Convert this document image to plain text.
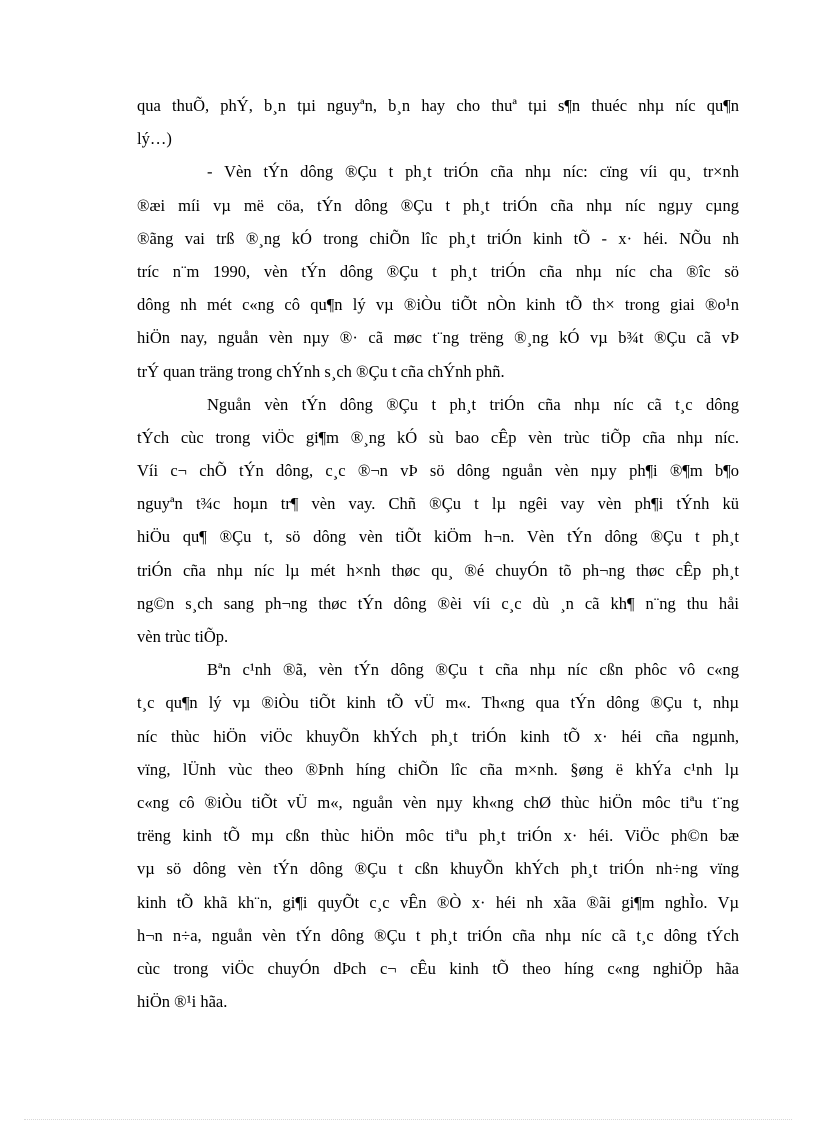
qua thuÕ, phÝ, b¸n tµi nguyªn, b¸n hay cho thuª tµi s¶n thuéc nhµ níc qu¶n
lý…)
- Vèn tÝn dông ®Çu t ph¸t triÓn cña nhµ níc: cïng víi qu¸ tr×nh
®æi míi vµ më cöa, tÝn dông ®Çu t ph¸t triÓn cña nhµ níc ngµy cµng
®ãng vai trß ®¸ng kÓ trong chiÕn lîc ph¸t triÓn kinh tÕ - x· héi. NÕu nh
tríc n¨m 1990, vèn tÝn dông ®Çu t ph¸t triÓn cña nhµ níc cha ®îc sö
dông nh mét c«ng cô qu¶n lý vµ ®iÒu tiÕt nÒn kinh tÕ th× trong giai ®o¹n
hiÖn nay, nguån vèn nµy ®· cã møc t¨ng trëng ®¸ng kÓ vµ b¾t ®Çu cã vÞ
trÝ quan träng trong chÝnh s¸ch ®Çu t cña chÝnh phñ.
Nguån vèn tÝn dông ®Çu t ph¸t triÓn cña nhµ níc cã t¸c dông
tÝch cùc trong viÖc gi¶m ®¸ng kÓ sù bao cÊp vèn trùc tiÕp cña nhµ níc.
Víi c¬ chÕ tÝn dông, c¸c ®¬n vÞ sö dông nguån vèn nµy ph¶i ®¶m b¶o
nguyªn t¾c hoµn tr¶ vèn vay. Chñ ®Çu t lµ ngêi vay vèn ph¶i tÝnh kü
hiÖu qu¶ ®Çu t, sö dông vèn tiÕt kiÖm h¬n. Vèn tÝn dông ®Çu t ph¸t
triÓn cña nhµ níc lµ mét h×nh thøc qu¸ ®é chuyÓn tõ ph¬ng thøc cÊp ph¸t
ng©n s¸ch sang ph¬ng thøc tÝn dông ®èi víi c¸c dù ¸n cã kh¶ n¨ng thu håi
vèn trùc tiÕp.
Bªn c¹nh ®ã, vèn tÝn dông ®Çu t cña nhµ níc cßn phôc vô c«ng
t¸c qu¶n lý vµ ®iÒu tiÕt kinh tÕ vÜ m«. Th«ng qua tÝn dông ®Çu t, nhµ
níc thùc hiÖn viÖc khuyÕn khÝch ph¸t triÓn kinh tÕ x· héi cña ngµnh,
vïng, lÜnh vùc theo ®Þnh híng chiÕn lîc cña m×nh. §øng ë khÝa c¹nh lµ
c«ng cô ®iÒu tiÕt vÜ m«, nguån vèn nµy kh«ng chØ thùc hiÖn môc tiªu t¨ng
trëng kinh tÕ mµ cßn thùc hiÖn môc tiªu ph¸t triÓn x· héi. ViÖc ph©n bæ
vµ sö dông vèn tÝn dông ®Çu t cßn khuyÕn khÝch ph¸t triÓn nh÷ng vïng
kinh tÕ khã kh¨n, gi¶i quyÕt c¸c vÊn ®Ò x· héi nh xãa ®ãi gi¶m nghÌo. Vµ
h¬n n÷a, nguån vèn tÝn dông ®Çu t ph¸t triÓn cña nhµ níc cã t¸c dông tÝch
cùc trong viÖc chuyÓn dÞch c¬ cÊu kinh tÕ theo híng c«ng nghiÖp hãa
hiÖn ®¹i hãa.
